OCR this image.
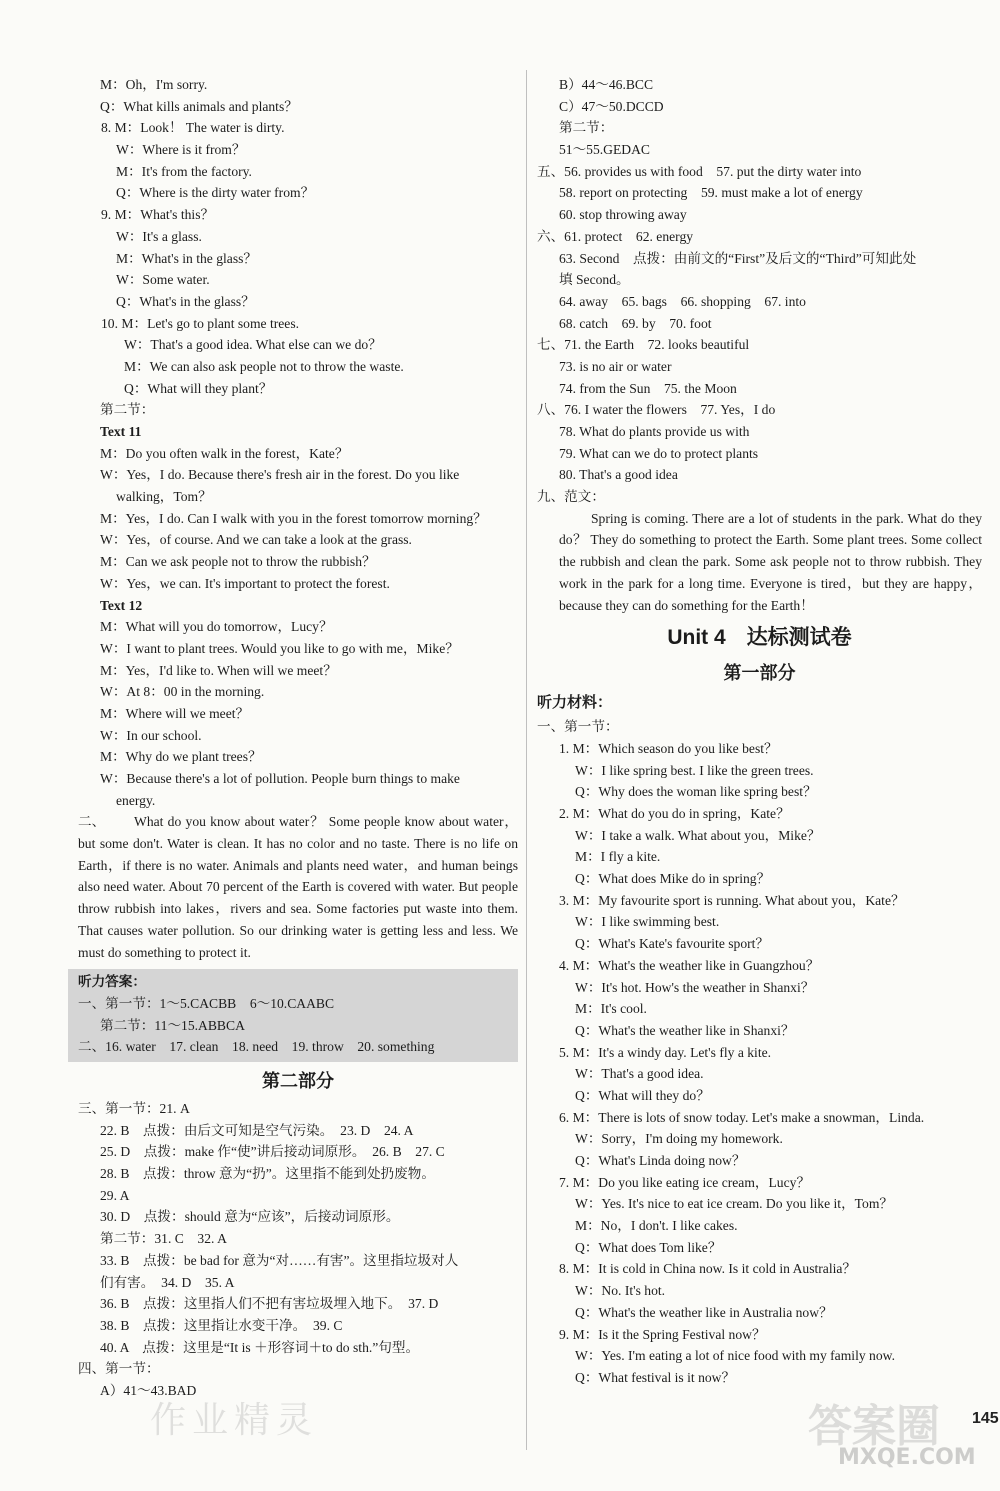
M：Oh，I'm sorry.
Q：What kills animals and plants？
8. M：Look！ The water is dirty.
W：Where is it from？
M：It's from the factory.
Q：Where is the dirty water from？
9. M：What's this？
W：It's a glass.
M：What's in the glass？
W：Some water.
Q：What's in the glass？
10. M：Let's go to plant some trees.
W：That's a good idea. What else can we do？
M：We can also ask people not to throw the waste.
Q：What will they plant？
第二节：
Text 11
M：Do you often walk in the forest，Kate？
W：Yes，I do. Because there's fresh air in the forest. Do you like
walking，Tom？
M：Yes，I do. Can I walk with you in the forest tomorrow morning？
W：Yes，of course. And we can take a look at the grass.
M：Can we ask people not to throw the rubbish？
W：Yes，we can. It's important to protect the forest.
Text 12
M：What will you do tomorrow，Lucy？
W：I want to plant trees. Would you like to go with me，Mike？
M：Yes，I'd like to. When will we meet？
W：At 8：00 in the morning.
M：Where will we meet？
W：In our school.
M：Why do we plant trees？
W：Because there's a lot of pollution. People burn things to make
energy.
二、 What do you know about water？ Some people know about water，but some don't. Water is clean. It has no color and no taste. There is no life on Earth，if there is no water. Animals and plants need water，and human beings also need water. About 70 percent of the Earth is covered with water. But people throw rubbish into lakes，rivers and sea. Some factories put waste into them. That causes water pollution. So our drinking water is getting less and less. We must do something to protect it.
听力答案：
一、第一节：1～5.CACBB　6～10.CAABC
第二节：11～15.ABBCA
二、16. water　17. clean　18. need　19. throw　20. something
第二部分
三、第一节：21. A
22. B　点拨：由后文可知是空气污染。　23. D　24. A
25. D　点拨：make 作“使”讲后接动词原形。　26. B　27. C
28. B　点拨：throw 意为“扔”。这里指不能到处扔废物。
29. A
30. D　点拨：should 意为“应该”，后接动词原形。
第二节：31. C　32. A
33. B　点拨：be bad for 意为“对……有害”。这里指垃圾对人
们有害。　34. D　35. A
36. B　点拨：这里指人们不把有害垃圾埋入地下。　37. D
38. B　点拨：这里指让水变干净。　39. C
40. A　点拨：这里是“It is ＋形容词＋to do sth.”句型。
四、第一节：
A）41～43.BAD
B）44～46.BCC
C）47～50.DCCD
第二节：
51～55.GEDAC
五、56. provides us with food　57. put the dirty water into
58. report on protecting　59. must make a lot of energy
60. stop throwing away
六、61. protect　62. energy
63. Second　点拨：由前文的“First”及后文的“Third”可知此处
填 Second。
64. away　65. bags　66. shopping　67. into
68. catch　69. by　70. foot
七、71. the Earth　72. looks beautiful
73. is no air or water
74. from the Sun　75. the Moon
八、76. I water the flowers　77. Yes，I do
78. What do plants provide us with
79. What can we do to protect plants
80. That's a good idea
九、范文：
Spring is coming. There are a lot of students in the park. What do they do？ They do something to protect the Earth. Some plant trees. Some collect the rubbish and clean the park. Some ask people not to throw rubbish. They work in the park for a long time. Everyone is tired，but they are happy，because they can do something for the Earth！
Unit 4　达标测试卷
第一部分
听力材料：
一、第一节：
1. M：Which season do you like best？
W：I like spring best. I like the green trees.
Q：Why does the woman like spring best？
2. M：What do you do in spring，Kate？
W：I take a walk. What about you，Mike？
M：I fly a kite.
Q：What does Mike do in spring？
3. M：My favourite sport is running. What about you，Kate？
W：I like swimming best.
Q：What's Kate's favourite sport？
4. M：What's the weather like in Guangzhou？
W：It's hot. How's the weather in Shanxi？
M：It's cool.
Q：What's the weather like in Shanxi？
5. M：It's a windy day. Let's fly a kite.
W：That's a good idea.
Q：What will they do？
6. M：There is lots of snow today. Let's make a snowman，Linda.
W：Sorry，I'm doing my homework.
Q：What's Linda doing now？
7. M：Do you like eating ice cream，Lucy？
W：Yes. It's nice to eat ice cream. Do you like it，Tom？
M：No，I don't. I like cakes.
Q：What does Tom like？
8. M：It is cold in China now. Is it cold in Australia？
W：No. It's hot.
Q：What's the weather like in Australia now？
9. M：Is it the Spring Festival now？
W：Yes. I'm eating a lot of nice food with my family now.
Q：What festival is it now？
145
作业精灵	答案圈
MXQE.COM
